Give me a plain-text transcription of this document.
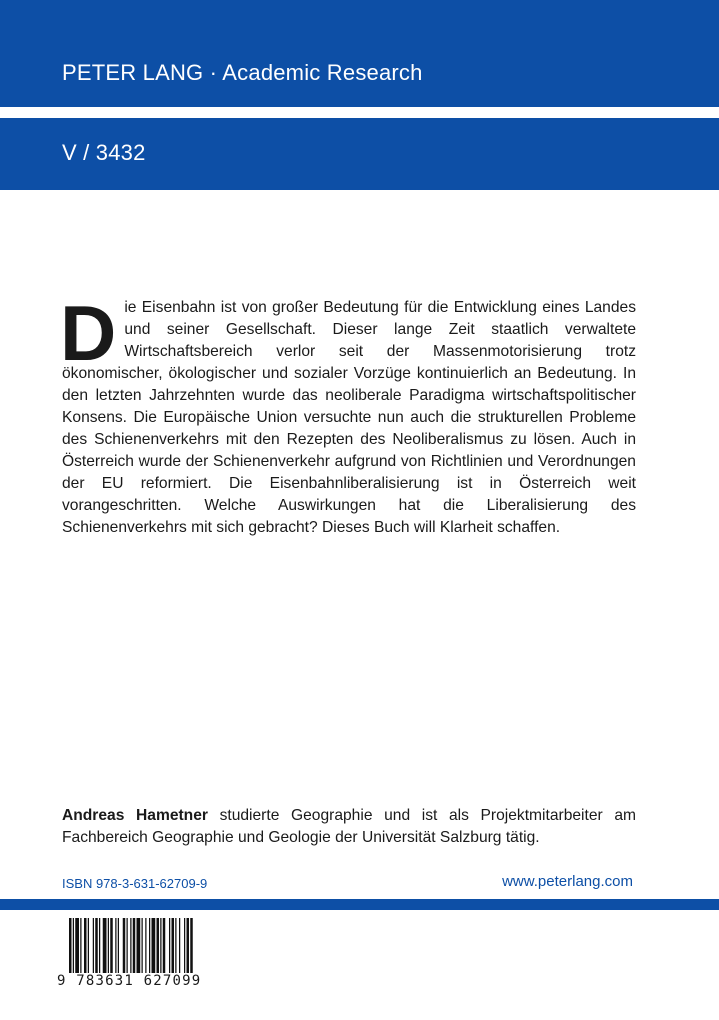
PETER LANG · Academic Research
V / 3432
Die Eisenbahn ist von großer Bedeutung für die Entwicklung eines Landes und seiner Gesellschaft. Dieser lange Zeit staatlich verwaltete Wirtschaftsbereich verlor seit der Massenmotorisierung trotz ökonomischer, ökologischer und sozialer Vorzüge kontinuierlich an Bedeutung. In den letzten Jahrzehnten wurde das neoliberale Paradigma wirtschaftspolitischer Konsens. Die Europäische Union versuchte nun auch die strukturellen Probleme des Schienenverkehrs mit den Rezepten des Neoliberalismus zu lösen. Auch in Österreich wurde der Schienenverkehr aufgrund von Richtlinien und Verordnungen der EU reformiert. Die Eisenbahnliberalisierung ist in Österreich weit vorangeschritten. Welche Auswirkungen hat die Liberalisierung des Schienenverkehrs mit sich gebracht? Dieses Buch will Klarheit schaffen.
Andreas Hametner studierte Geographie und ist als Projektmitarbeiter am Fachbereich Geographie und Geologie der Universität Salzburg tätig.
ISBN 978-3-631-62709-9	www.peterlang.com
9 783631 627099
